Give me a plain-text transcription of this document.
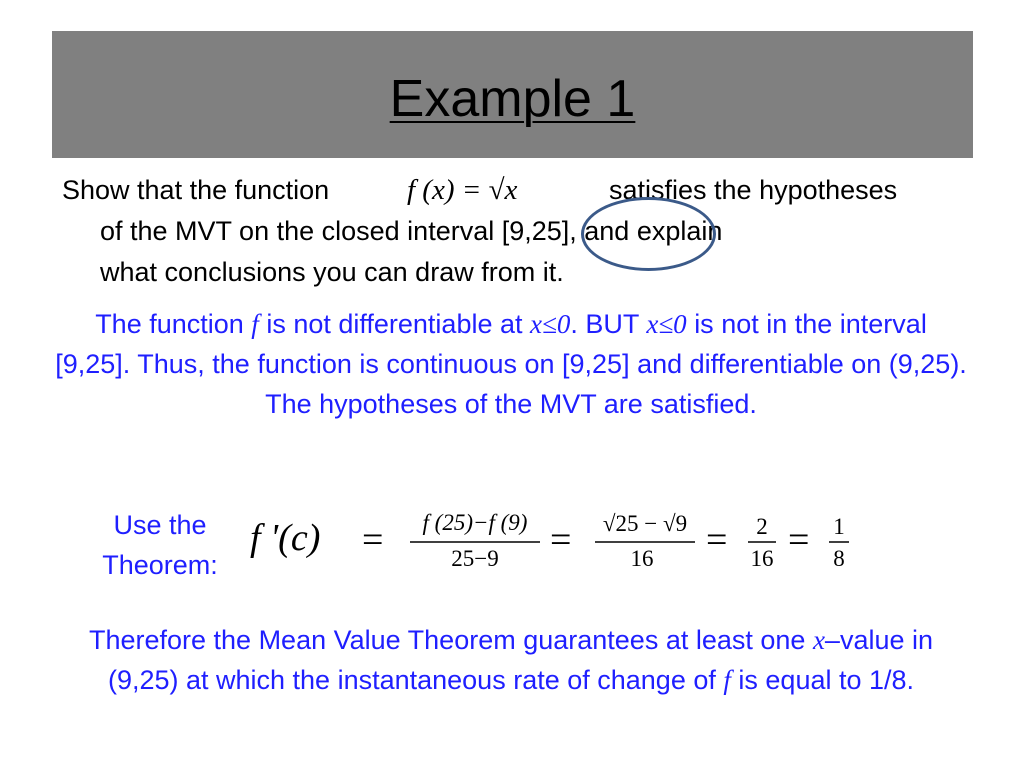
Example 1
Show that the function	f (x) = √x	satisfies the hypotheses
of the MVT on the closed interval [9,25], and explain
what conclusions you can draw from it.
The function f is not differentiable at x≤0. BUT x≤0 is not in the interval [9,25]. Thus, the function is continuous on [9,25] and differentiable on (9,25). The hypotheses of the MVT are satisfied.
Use the
Theorem:
f '(c) = f (25)−f (9)
25−9 = √25 − √9
16 = 2
16 = 1
8
Therefore the Mean Value Theorem guarantees at least one x–value in (9,25) at which the instantaneous rate of change of f is equal to 1/8.
